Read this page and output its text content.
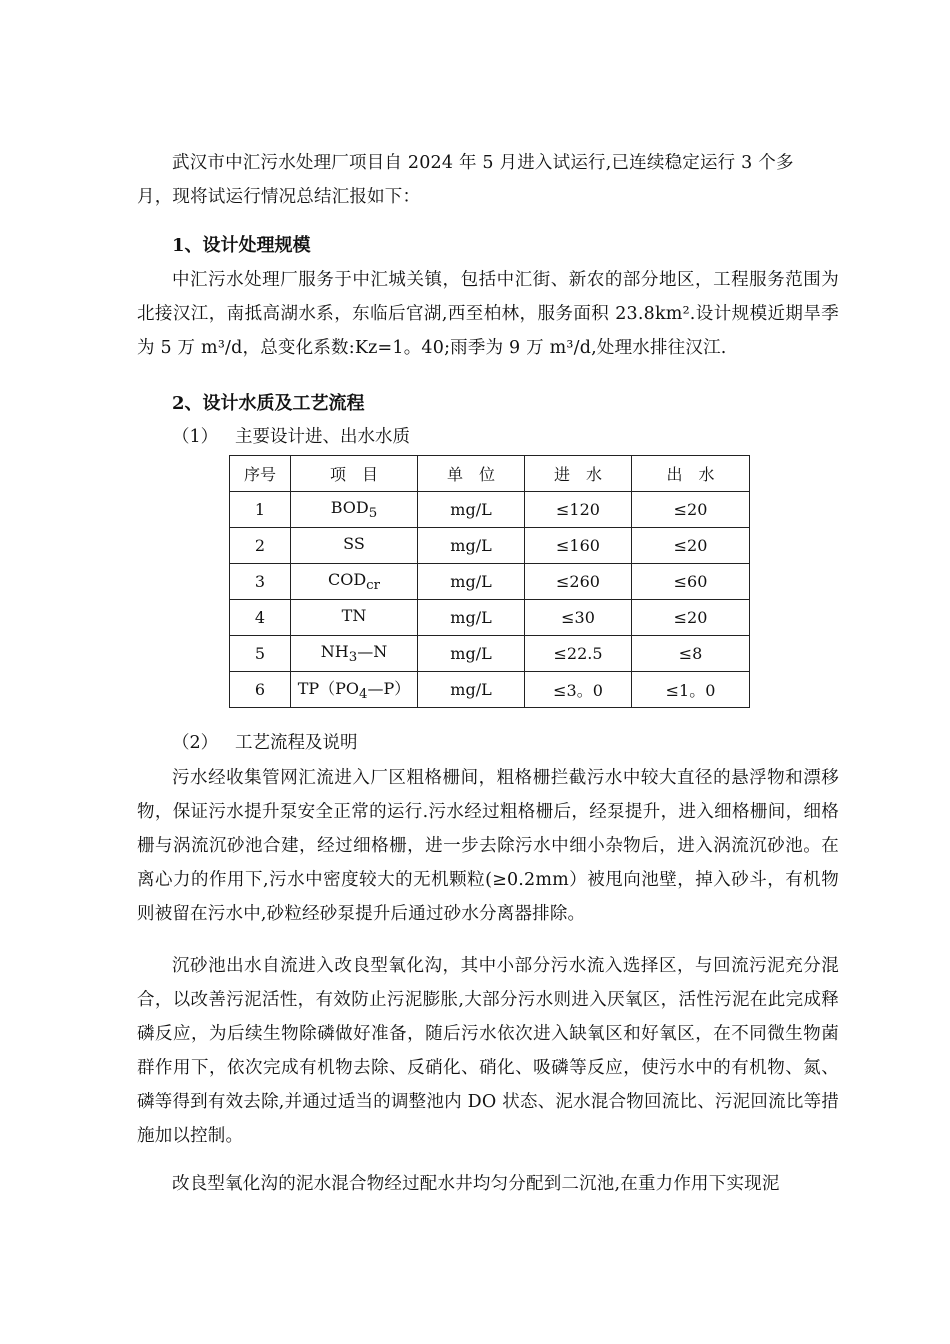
武汉市中汇污水处理厂项目自 2024 年 5 月进入试运行,已连续稳定运行 3 个多
月，现将试运行情况总结汇报如下：

1、设计处理规模

中汇污水处理厂服务于中汇城关镇，包括中汇街、新农的部分地区，工程服务范围为北接汉江，南抵高湖水系，东临后官湖,西至柏林，服务面积 23.8km².设计规模近期旱季为 5 万 m³/d，总变化系数:Kz=1。40;雨季为 9 万 m³/d,处理水排往汉江.

2、设计水质及工艺流程

（1） 主要设计进、出水水质

序号	项　目	单　位	进　水	出　水
1	$BOD_5$	mg/L	≤120	≤20
2	SS	mg/L	≤160	≤20
3	$COD_{cr}$	mg/L	≤260	≤60
4	TN	mg/L	≤30	≤20
5	$NH_3—N$	mg/L	≤22.5	≤8
6	$TP(PO_4—P)$	mg/L	≤3。0	≤1。0

（2） 工艺流程及说明

污水经收集管网汇流进入厂区粗格栅间，粗格栅拦截污水中较大直径的悬浮物和漂移物，保证污水提升泵安全正常的运行.污水经过粗格栅后，经泵提升，进入细格栅间，细格栅与涡流沉砂池合建，经过细格栅，进一步去除污水中细小杂物后，进入涡流沉砂池。在离心力的作用下,污水中密度较大的无机颗粒(≥0.2mm）被甩向池壁，掉入砂斗，有机物则被留在污水中,砂粒经砂泵提升后通过砂水分离器排除。

沉砂池出水自流进入改良型氧化沟，其中小部分污水流入选择区，与回流污泥充分混合，以改善污泥活性，有效防止污泥膨胀,大部分污水则进入厌氧区，活性污泥在此完成释磷反应，为后续生物除磷做好准备，随后污水依次进入缺氧区和好氧区，在不同微生物菌群作用下，依次完成有机物去除、反硝化、硝化、吸磷等反应，使污水中的有机物、氮、磷等得到有效去除,并通过适当的调整池内 DO 状态、泥水混合物回流比、污泥回流比等措施加以控制。

改良型氧化沟的泥水混合物经过配水井均匀分配到二沉池,在重力作用下实现泥
